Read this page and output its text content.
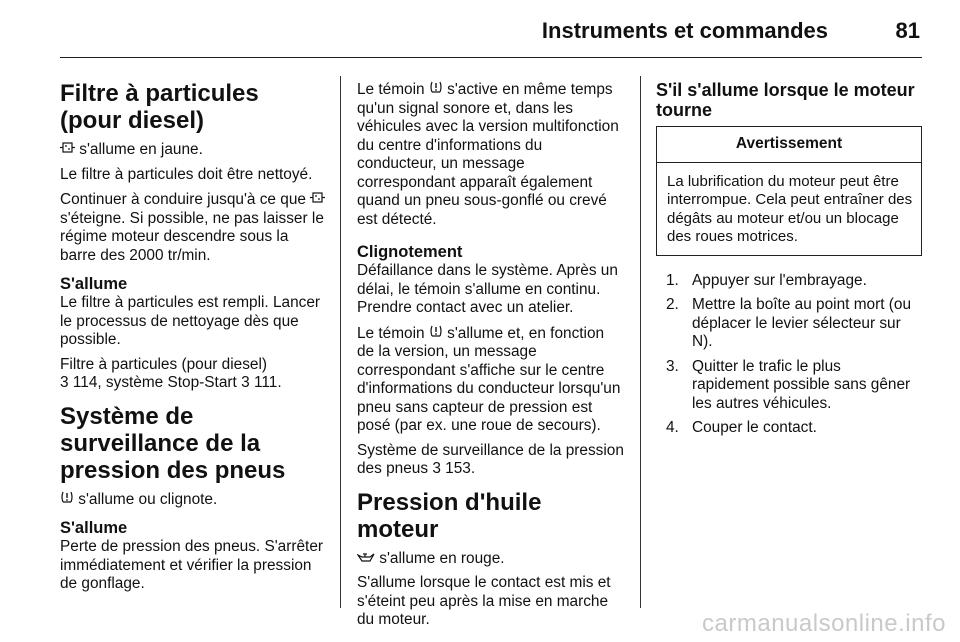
Instruments et commandes	81
Filtre à particules (pour diesel)

s'allume en jaune.

Le filtre à particules doit être nettoyé.

Continuer à conduire jusqu'à ce que  s'éteigne. Si possible, ne pas laisser le régime moteur descendre sous la barre des 2000 tr/min.

S'allume

Le filtre à particules est rempli. Lancer le processus de nettoyage dès que possible.

Filtre à particules (pour diesel)
3 114, système Stop-Start 3 111.

Système de surveillance de la pression des pneus

s'allume ou clignote.

S'allume

Perte de pression des pneus. S'arrêter immédiatement et vérifier la pression de gonflage.

Le témoin s'active en même temps qu'un signal sonore et, dans les véhicules avec la version multifonction du centre d'informations du conducteur, un message correspondant apparaît également quand un pneu sous-gonflé ou crevé est détecté.

Clignotement

Défaillance dans le système. Après un délai, le témoin s'allume en continu. Prendre contact avec un atelier.

Le témoin s'allume et, en fonction de la version, un message correspondant s'affiche sur le centre d'informations du conducteur lorsqu'un pneu sans capteur de pression est posé (par ex. une roue de secours).

Système de surveillance de la pression des pneus 3 153.

Pression d'huile moteur

s'allume en rouge.

S'allume lorsque le contact est mis et s'éteint peu après la mise en marche du moteur.

S'il s'allume lorsque le moteur tourne
Avertissement
La lubrification du moteur peut être interrompue. Cela peut entraîner des dégâts au moteur et/ou un blocage des roues motrices.
1. Appuyer sur l'embrayage.
2. Mettre la boîte au point mort (ou déplacer le levier sélecteur sur N).
3. Quitter le trafic le plus rapidement possible sans gêner les autres véhicules.
4. Couper le contact.
carmanualsonline.info
